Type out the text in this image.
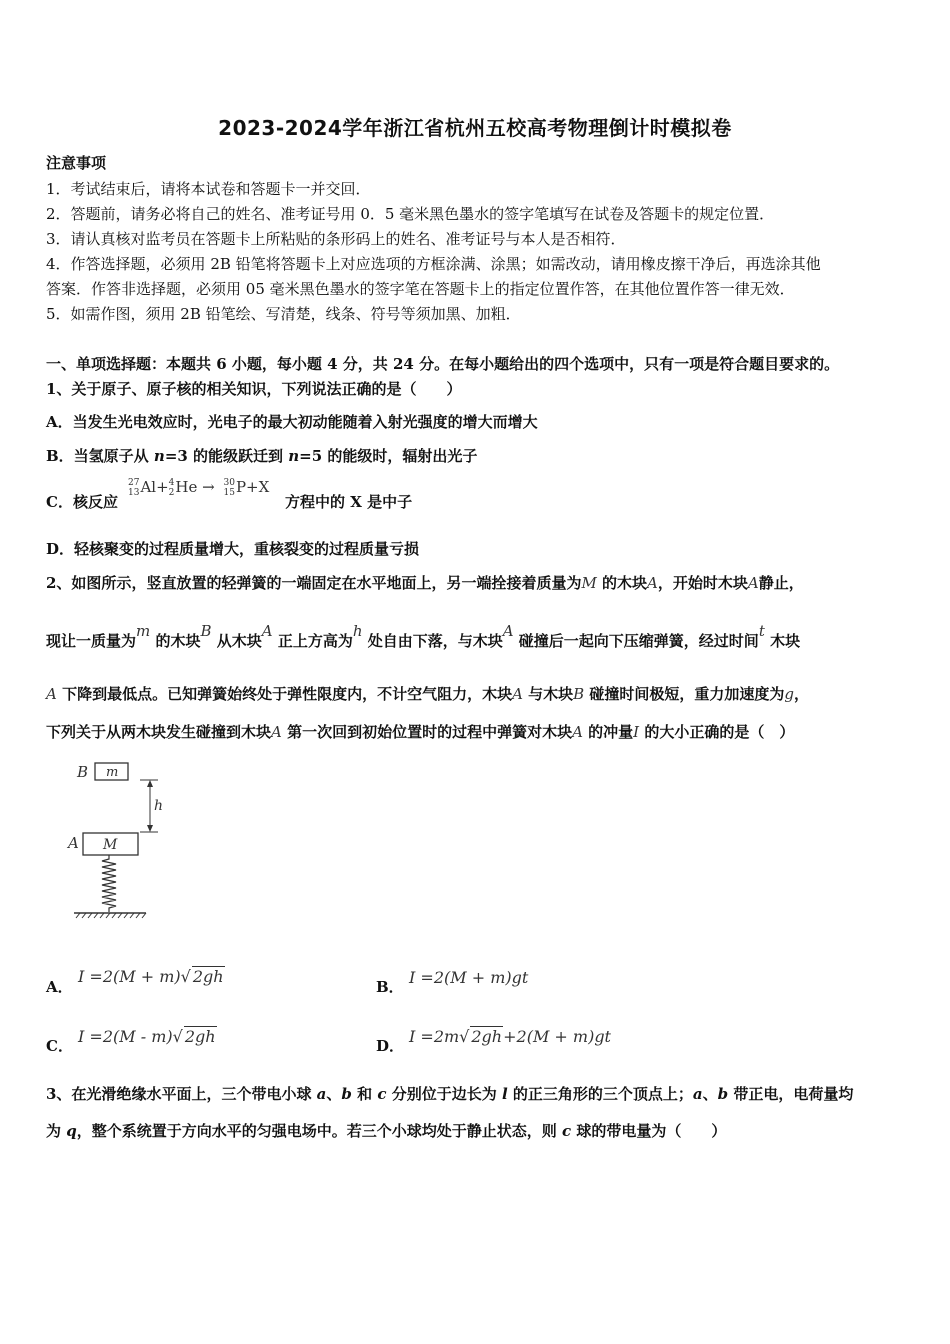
2023-2024学年浙江省杭州五校高考物理倒计时模拟卷
注意事项
1．考试结束后，请将本试卷和答题卡一并交回．
2．答题前，请务必将自己的姓名、准考证号用 0．5 毫米黑色墨水的签字笔填写在试卷及答题卡的规定位置．
3．请认真核对监考员在答题卡上所粘贴的条形码上的姓名、准考证号与本人是否相符．
4．作答选择题，必须用 2B 铅笔将答题卡上对应选项的方框涂满、涂黑；如需改动，请用橡皮擦干净后，再选涂其他
答案．作答非选择题，必须用 05 毫米黑色墨水的签字笔在答题卡上的指定位置作答，在其他位置作答一律无效．
5．如需作图，须用 2B 铅笔绘、写清楚，线条、符号等须加黑、加粗．
一、单项选择题：本题共 6 小题，每小题 4 分，共 24 分。在每小题给出的四个选项中，只有一项是符合题目要求的。
1、关于原子、原子核的相关知识，下列说法正确的是（　　）
A．当发生光电效应时，光电子的最大初动能随着入射光强度的增大而增大
B．当氢原子从 n=3 的能级跃迁到 n=5 的能级时，辐射出光子
C．核反应
27
13 Al+ 4
2 He → 30
15 P+X
方程中的 X 是中子
D．轻核聚变的过程质量增大，重核裂变的过程质量亏损
2、如图所示，竖直放置的轻弹簧的一端固定在水平地面上，另一端拴接着质量为M 的木块A，开始时木块A静止，
现让一质量为m 的木块B 从木块A 正上方高为h 处自由下落，与木块A 碰撞后一起向下压缩弹簧，经过时间t 木块
A 下降到最低点。已知弹簧始终处于弹性限度内，不计空气阻力，木块A 与木块B 碰撞时间极短，重力加速度为g，
下列关于从两木块发生碰撞到木块A 第一次回到初始位置时的过程中弹簧对木块A 的冲量I 的大小正确的是（　）
B m
h
A M
A．
I =2(M + m)√ 2gh
B． I =2(M + m)gt
C． I =2(M - m)√ 2gh	D． I =2m√ 2gh+2(M + m)gt
3、在光滑绝缘水平面上，三个带电小球 a、b 和 c 分别位于边长为 l 的正三角形的三个顶点上；a、b 带正电，电荷量均
为 q，整个系统置于方向水平的匀强电场中。若三个小球均处于静止状态，则 c 球的带电量为（　　）
